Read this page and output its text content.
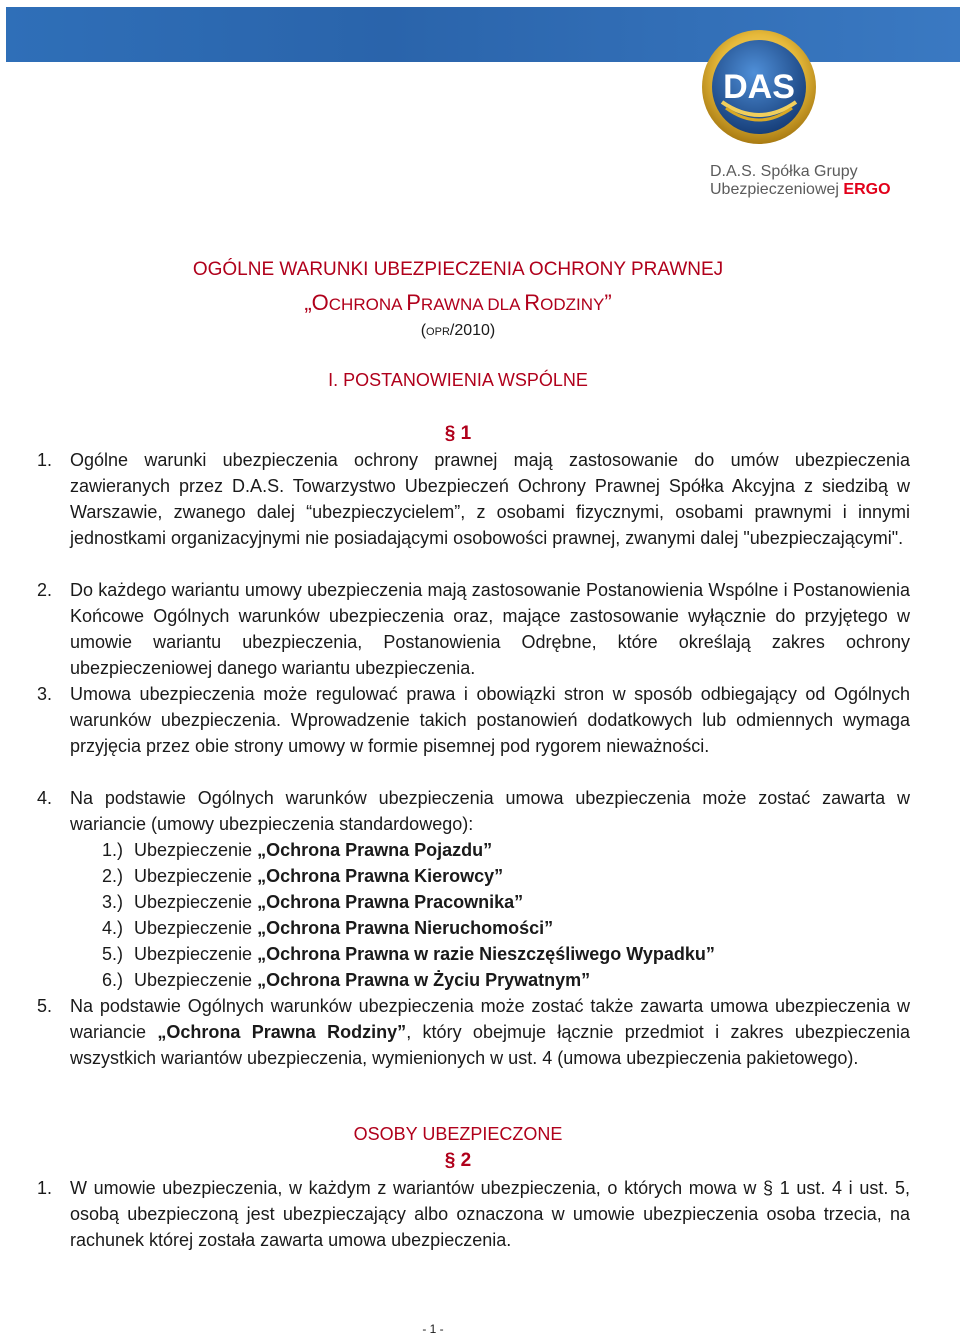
DAS
D.A.S. Spółka Grupy
Ubezpieczeniowej ERGO
OGÓLNE WARUNKI UBEZPIECZENIA OCHRONY PRAWNEJ
„OCHRONA PRAWNA DLA RODZINY”
(OPR/2010)
I. POSTANOWIENIA WSPÓLNE
§ 1
1. Ogólne warunki ubezpieczenia ochrony prawnej mają zastosowanie do umów ubezpieczenia zawieranych przez D.A.S. Towarzystwo Ubezpieczeń Ochrony Prawnej Spółka Akcyjna z siedzibą w Warszawie, zwanego dalej “ubezpieczycielem”, z osobami fizycznymi, osobami prawnymi i innymi jednostkami organizacyjnymi nie posiadającymi osobowości prawnej, zwanymi dalej "ubezpieczającymi".
2. Do każdego wariantu umowy ubezpieczenia mają zastosowanie Postanowienia Wspólne i Postanowienia Końcowe Ogólnych warunków ubezpieczenia oraz, mające zastosowanie wyłącznie do przyjętego w umowie wariantu ubezpieczenia, Postanowienia Odrębne, które określają zakres ochrony ubezpieczeniowej danego wariantu ubezpieczenia.
3. Umowa ubezpieczenia może regulować prawa i obowiązki stron w sposób odbiegający od Ogólnych warunków ubezpieczenia. Wprowadzenie takich postanowień dodatkowych lub odmiennych wymaga przyjęcia przez obie strony umowy w formie pisemnej pod rygorem nieważności.
4. Na podstawie Ogólnych warunków ubezpieczenia umowa ubezpieczenia może zostać zawarta w wariancie (umowy ubezpieczenia standardowego):
1.) Ubezpieczenie „Ochrona Prawna Pojazdu”
2.) Ubezpieczenie „Ochrona Prawna Kierowcy”
3.) Ubezpieczenie „Ochrona Prawna Pracownika”
4.) Ubezpieczenie „Ochrona Prawna Nieruchomości”
5.) Ubezpieczenie „Ochrona Prawna w razie Nieszczęśliwego Wypadku”
6.) Ubezpieczenie „Ochrona Prawna w Życiu Prywatnym”
5. Na podstawie Ogólnych warunków ubezpieczenia może zostać także zawarta umowa ubezpieczenia w wariancie „Ochrona Prawna Rodziny”, który obejmuje łącznie przedmiot i zakres ubezpieczenia wszystkich wariantów ubezpieczenia, wymienionych w ust. 4 (umowa ubezpieczenia pakietowego).
OSOBY UBEZPIECZONE
§ 2
1. W umowie ubezpieczenia, w każdym z wariantów ubezpieczenia, o których mowa w § 1 ust. 4 i ust. 5, osobą ubezpieczoną jest ubezpieczający albo oznaczona w umowie ubezpieczenia osoba trzecia, na rachunek której została zawarta umowa ubezpieczenia.
- 1 -
